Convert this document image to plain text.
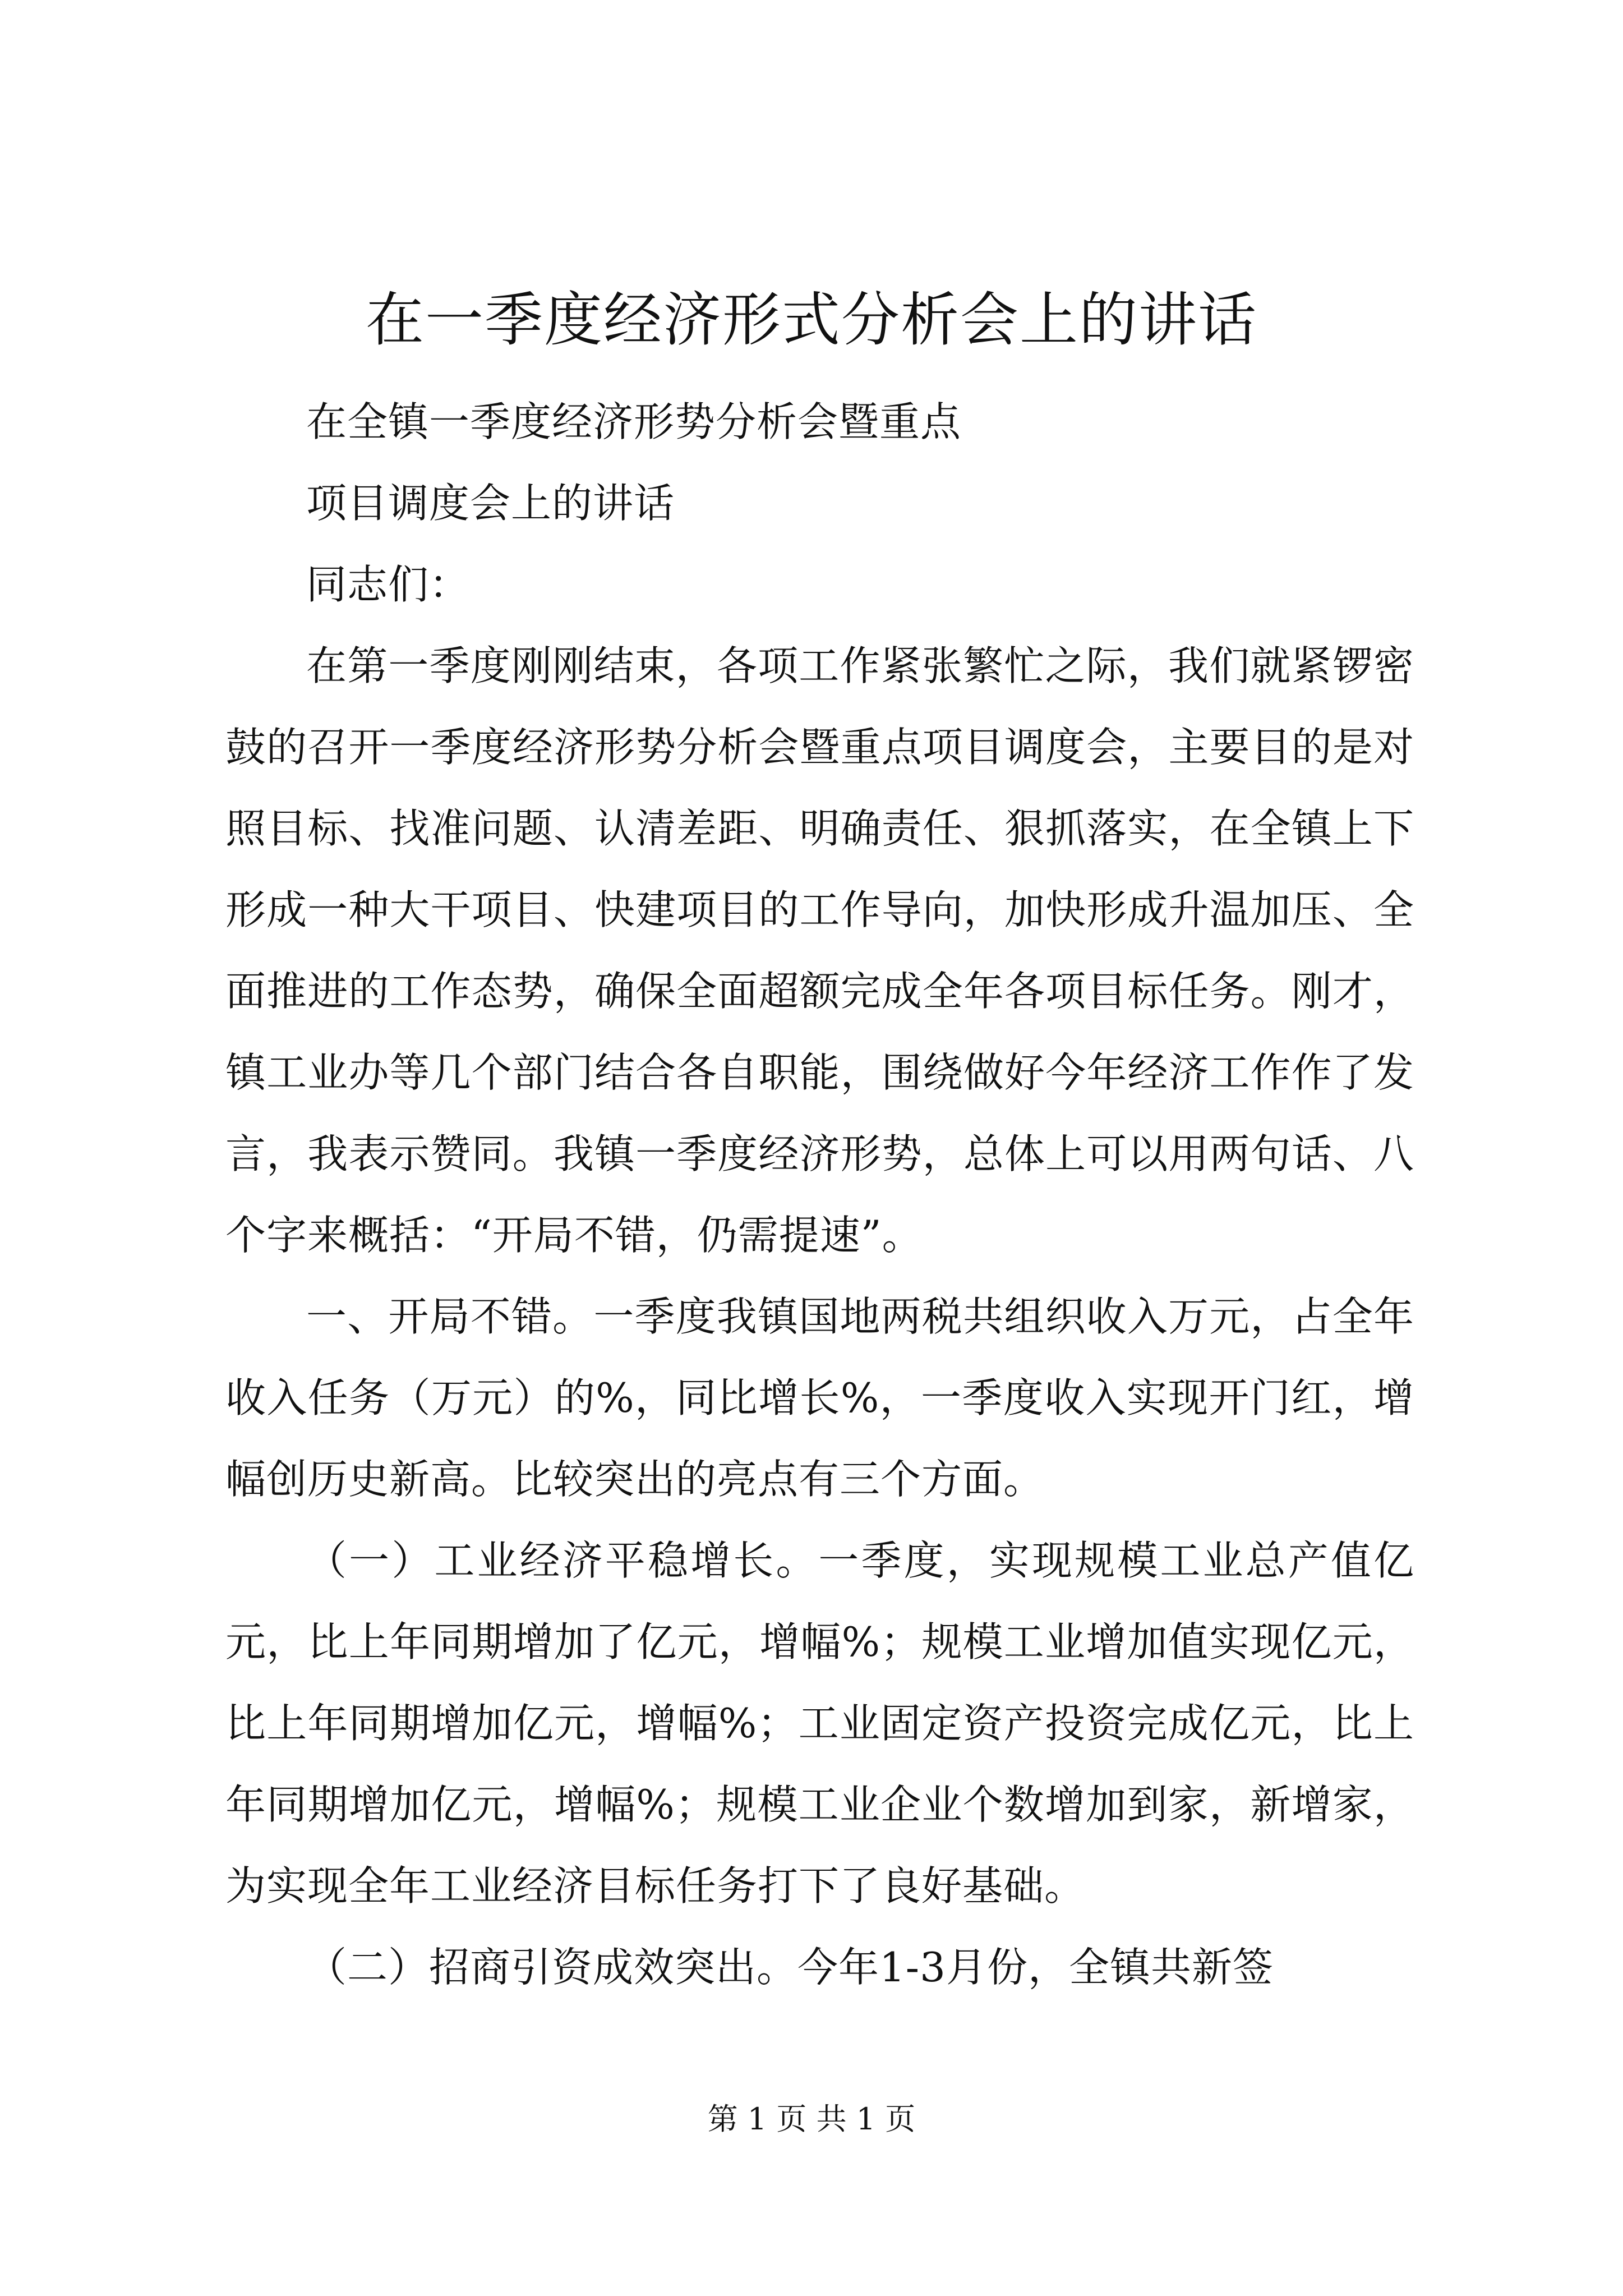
在一季度经济形式分析会上的讲话

在全镇一季度经济形势分析会暨重点

项目调度会上的讲话

同志们：

在第一季度刚刚结束，各项工作紧张繁忙之际，我们就紧锣密鼓的召开一季度经济形势分析会暨重点项目调度会，主要目的是对照目标、找准问题、认清差距、明确责任、狠抓落实，在全镇上下形成一种大干项目、快建项目的工作导向，加快形成升温加压、全面推进的工作态势，确保全面超额完成全年各项目标任务。刚才，镇工业办等几个部门结合各自职能，围绕做好今年经济工作作了发言，我表示赞同。我镇一季度经济形势，总体上可以用两句话、八个字来概括：“开局不错，仍需提速”。

一、开局不错。一季度我镇国地两税共组织收入万元，占全年收入任务（万元）的%，同比增长%，一季度收入实现开门红，增幅创历史新高。比较突出的亮点有三个方面。

（一）工业经济平稳增长。一季度，实现规模工业总产值亿元，比上年同期增加了亿元，增幅%；规模工业增加值实现亿元，比上年同期增加亿元，增幅%；工业固定资产投资完成亿元，比上年同期增加亿元，增幅%；规模工业企业个数增加到家，新增家，为实现全年工业经济目标任务打下了良好基础。

（二）招商引资成效突出。今年1-3月份，全镇共新签

第 1 页 共 1 页
